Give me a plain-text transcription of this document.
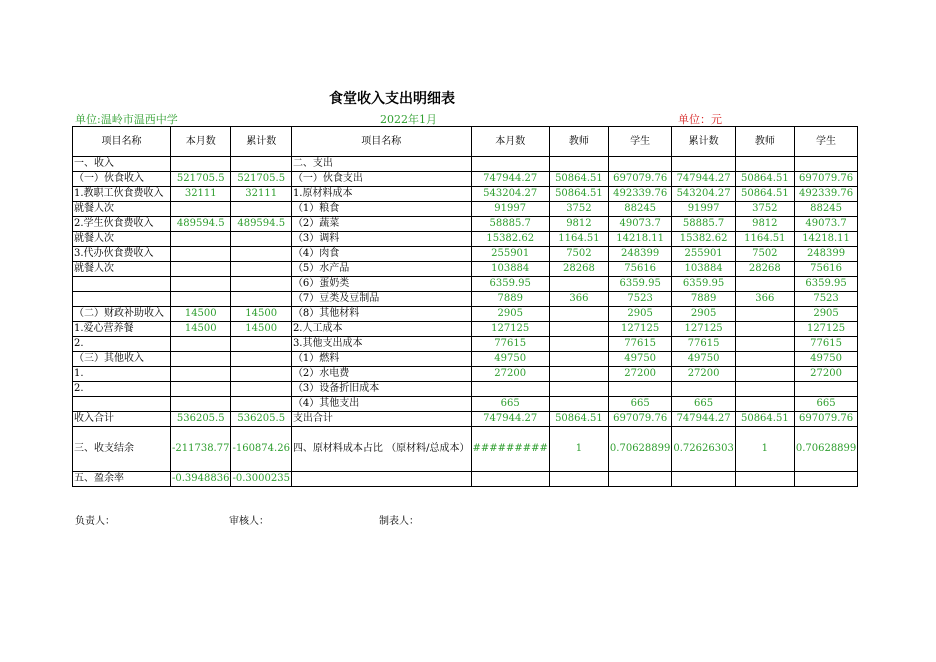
食堂收入支出明细表
单位:温岭市温西中学	2022年1月	单位：元
项目名称	本月数	累计数	项目名称	本月数	教师	学生	累计数	教师	学生
一、收入			二、支出						
（一）伙食收入	521705.5	521705.5	（一）伙食支出	747944.27	50864.51	697079.76	747944.27	50864.51	697079.76
1.教职工伙食费收入	32111	32111	1.原材料成本	543204.27	50864.51	492339.76	543204.27	50864.51	492339.76
就餐人次			（1）粮食	91997	3752	88245	91997	3752	88245
2.学生伙食费收入	489594.5	489594.5	（2）蔬菜	58885.7	9812	49073.7	58885.7	9812	49073.7
就餐人次			（3）调料	15382.62	1164.51	14218.11	15382.62	1164.51	14218.11
3.代办伙食费收入			（4）肉食	255901	7502	248399	255901	7502	248399
就餐人次			（5）水产品	103884	28268	75616	103884	28268	75616
			（6）蛋奶类	6359.95		6359.95	6359.95		6359.95
			（7）豆类及豆制品	7889	366	7523	7889	366	7523
（二）财政补助收入	14500	14500	（8）其他材料	2905		2905	2905		2905
1.爱心营养餐	14500	14500	2.人工成本	127125		127125	127125		127125
2.			3.其他支出成本	77615		77615	77615		77615
（三）其他收入			（1）燃料	49750		49750	49750		49750
1.			（2）水电费	27200		27200	27200		27200
2.			（3）设备折旧成本						
			（4）其他支出	665		665	665		665
收入合计	536205.5	536205.5	支出合计	747944.27	50864.51	697079.76	747944.27	50864.51	697079.76
三、收支结余	-211738.77	-160874.26	四、原材料成本占比 （原材料/总成本）	#########	1	0.70628899	0.72626303	1	0.70628899
五、盈余率	-0.3948836	-0.3000235							
负责人：	审核人：	制表人：
